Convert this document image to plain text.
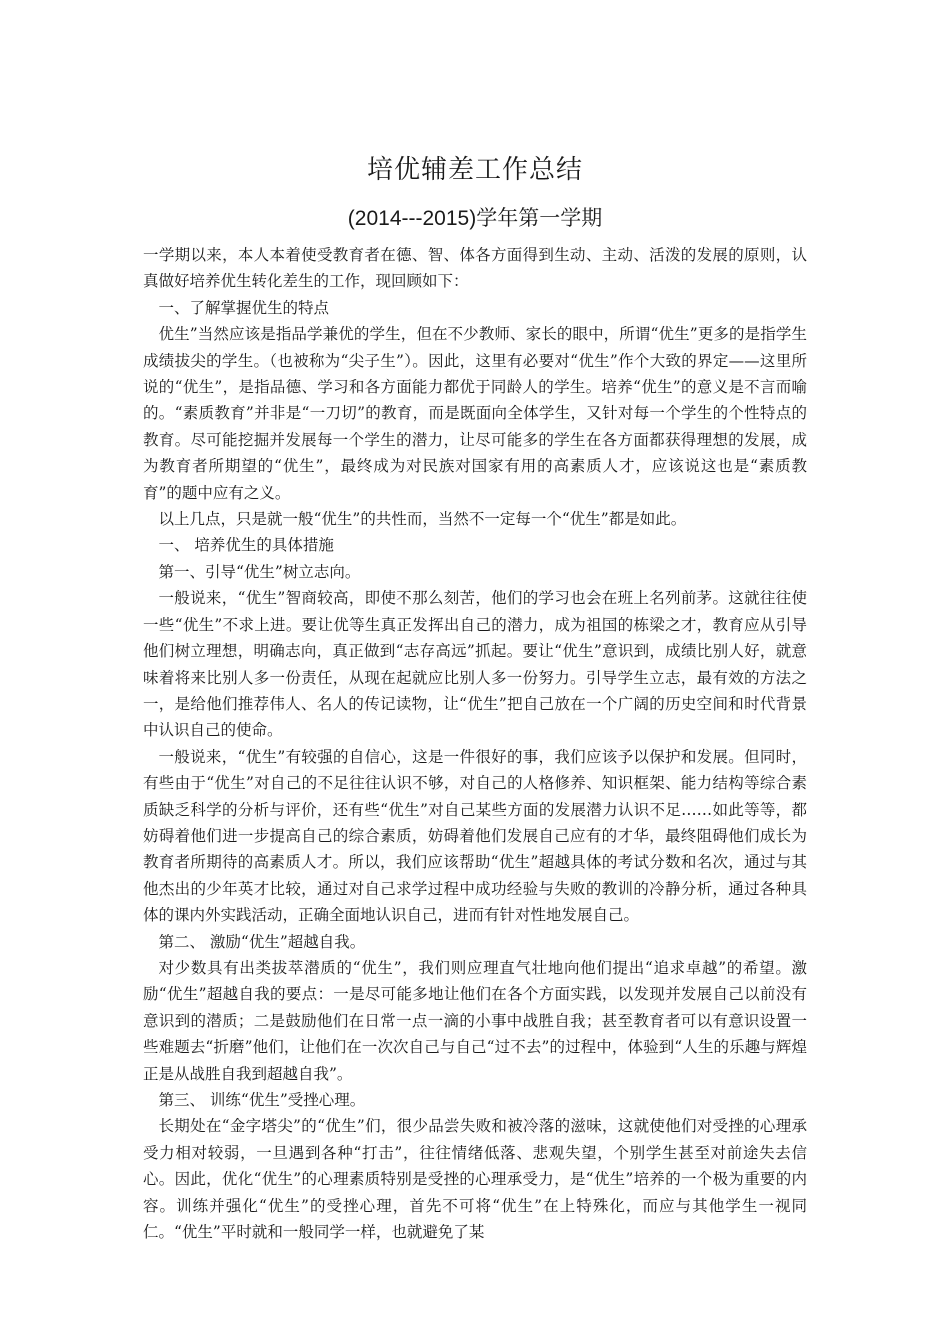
培优辅差工作总结
(2014---2015)学年第一学期

一学期以来，本人本着使受教育者在德、智、体各方面得到生动、主动、活泼的发展的原则，认真做好培养优生转化差生的工作，现回顾如下：

一、了解掌握优生的特点

优生”当然应该是指品学兼优的学生，但在不少教师、家长的眼中，所谓“优生”更多的是指学生成绩拔尖的学生。（也被称为“尖子生”）。因此，这里有必要对“优生”作个大致的界定——这里所说的“优生”，是指品德、学习和各方面能力都优于同龄人的学生。培养“优生”的意义是不言而喻的。“素质教育”并非是“一刀切”的教育，而是既面向全体学生，又针对每一个学生的个性特点的教育。尽可能挖掘并发展每一个学生的潜力，让尽可能多的学生在各方面都获得理想的发展，成为教育者所期望的“优生”，最终成为对民族对国家有用的高素质人才，应该说这也是“素质教育”的题中应有之义。

以上几点，只是就一般“优生”的共性而，当然不一定每一个“优生”都是如此。

一、 培养优生的具体措施

第一、引导“优生”树立志向。

一般说来，“优生”智商较高，即使不那么刻苦，他们的学习也会在班上名列前茅。这就往往使一些“优生”不求上进。要让优等生真正发挥出自己的潜力，成为祖国的栋梁之才，教育应从引导他们树立理想，明确志向，真正做到“志存高远”抓起。要让“优生”意识到，成绩比别人好，就意味着将来比别人多一份责任，从现在起就应比别人多一份努力。引导学生立志，最有效的方法之一，是给他们推荐伟人、名人的传记读物，让“优生”把自己放在一个广阔的历史空间和时代背景中认识自己的使命。

一般说来，“优生”有较强的自信心，这是一件很好的事，我们应该予以保护和发展。但同时，有些由于“优生”对自己的不足往往认识不够，对自己的人格修养、知识框架、能力结构等综合素质缺乏科学的分析与评价，还有些“优生”对自己某些方面的发展潜力认识不足……如此等等，都妨碍着他们进一步提高自己的综合素质，妨碍着他们发展自己应有的才华，最终阻碍他们成长为教育者所期待的高素质人才。所以，我们应该帮助“优生”超越具体的考试分数和名次，通过与其他杰出的少年英才比较，通过对自己求学过程中成功经验与失败的教训的冷静分析，通过各种具体的课内外实践活动，正确全面地认识自己，进而有针对性地发展自己。

第二、 激励“优生”超越自我。

对少数具有出类拔萃潜质的“优生”，我们则应理直气壮地向他们提出“追求卓越”的希望。激励“优生”超越自我的要点：一是尽可能多地让他们在各个方面实践，以发现并发展自己以前没有意识到的潜质；二是鼓励他们在日常一点一滴的小事中战胜自我；甚至教育者可以有意识设置一些难题去“折磨”他们，让他们在一次次自己与自己“过不去”的过程中，体验到“人生的乐趣与辉煌正是从战胜自我到超越自我”。

第三、 训练“优生”受挫心理。

长期处在“金字塔尖”的“优生”们，很少品尝失败和被冷落的滋味，这就使他们对受挫的心理承受力相对较弱，一旦遇到各种“打击”，往往情绪低落、悲观失望，个别学生甚至对前途失去信心。因此，优化“优生”的心理素质特别是受挫的心理承受力，是“优生”培养的一个极为重要的内容。训练并强化“优生”的受挫心理，首先不可将“优生”在上特殊化，而应与其他学生一视同仁。“优生”平时就和一般同学一样，也就避免了某
